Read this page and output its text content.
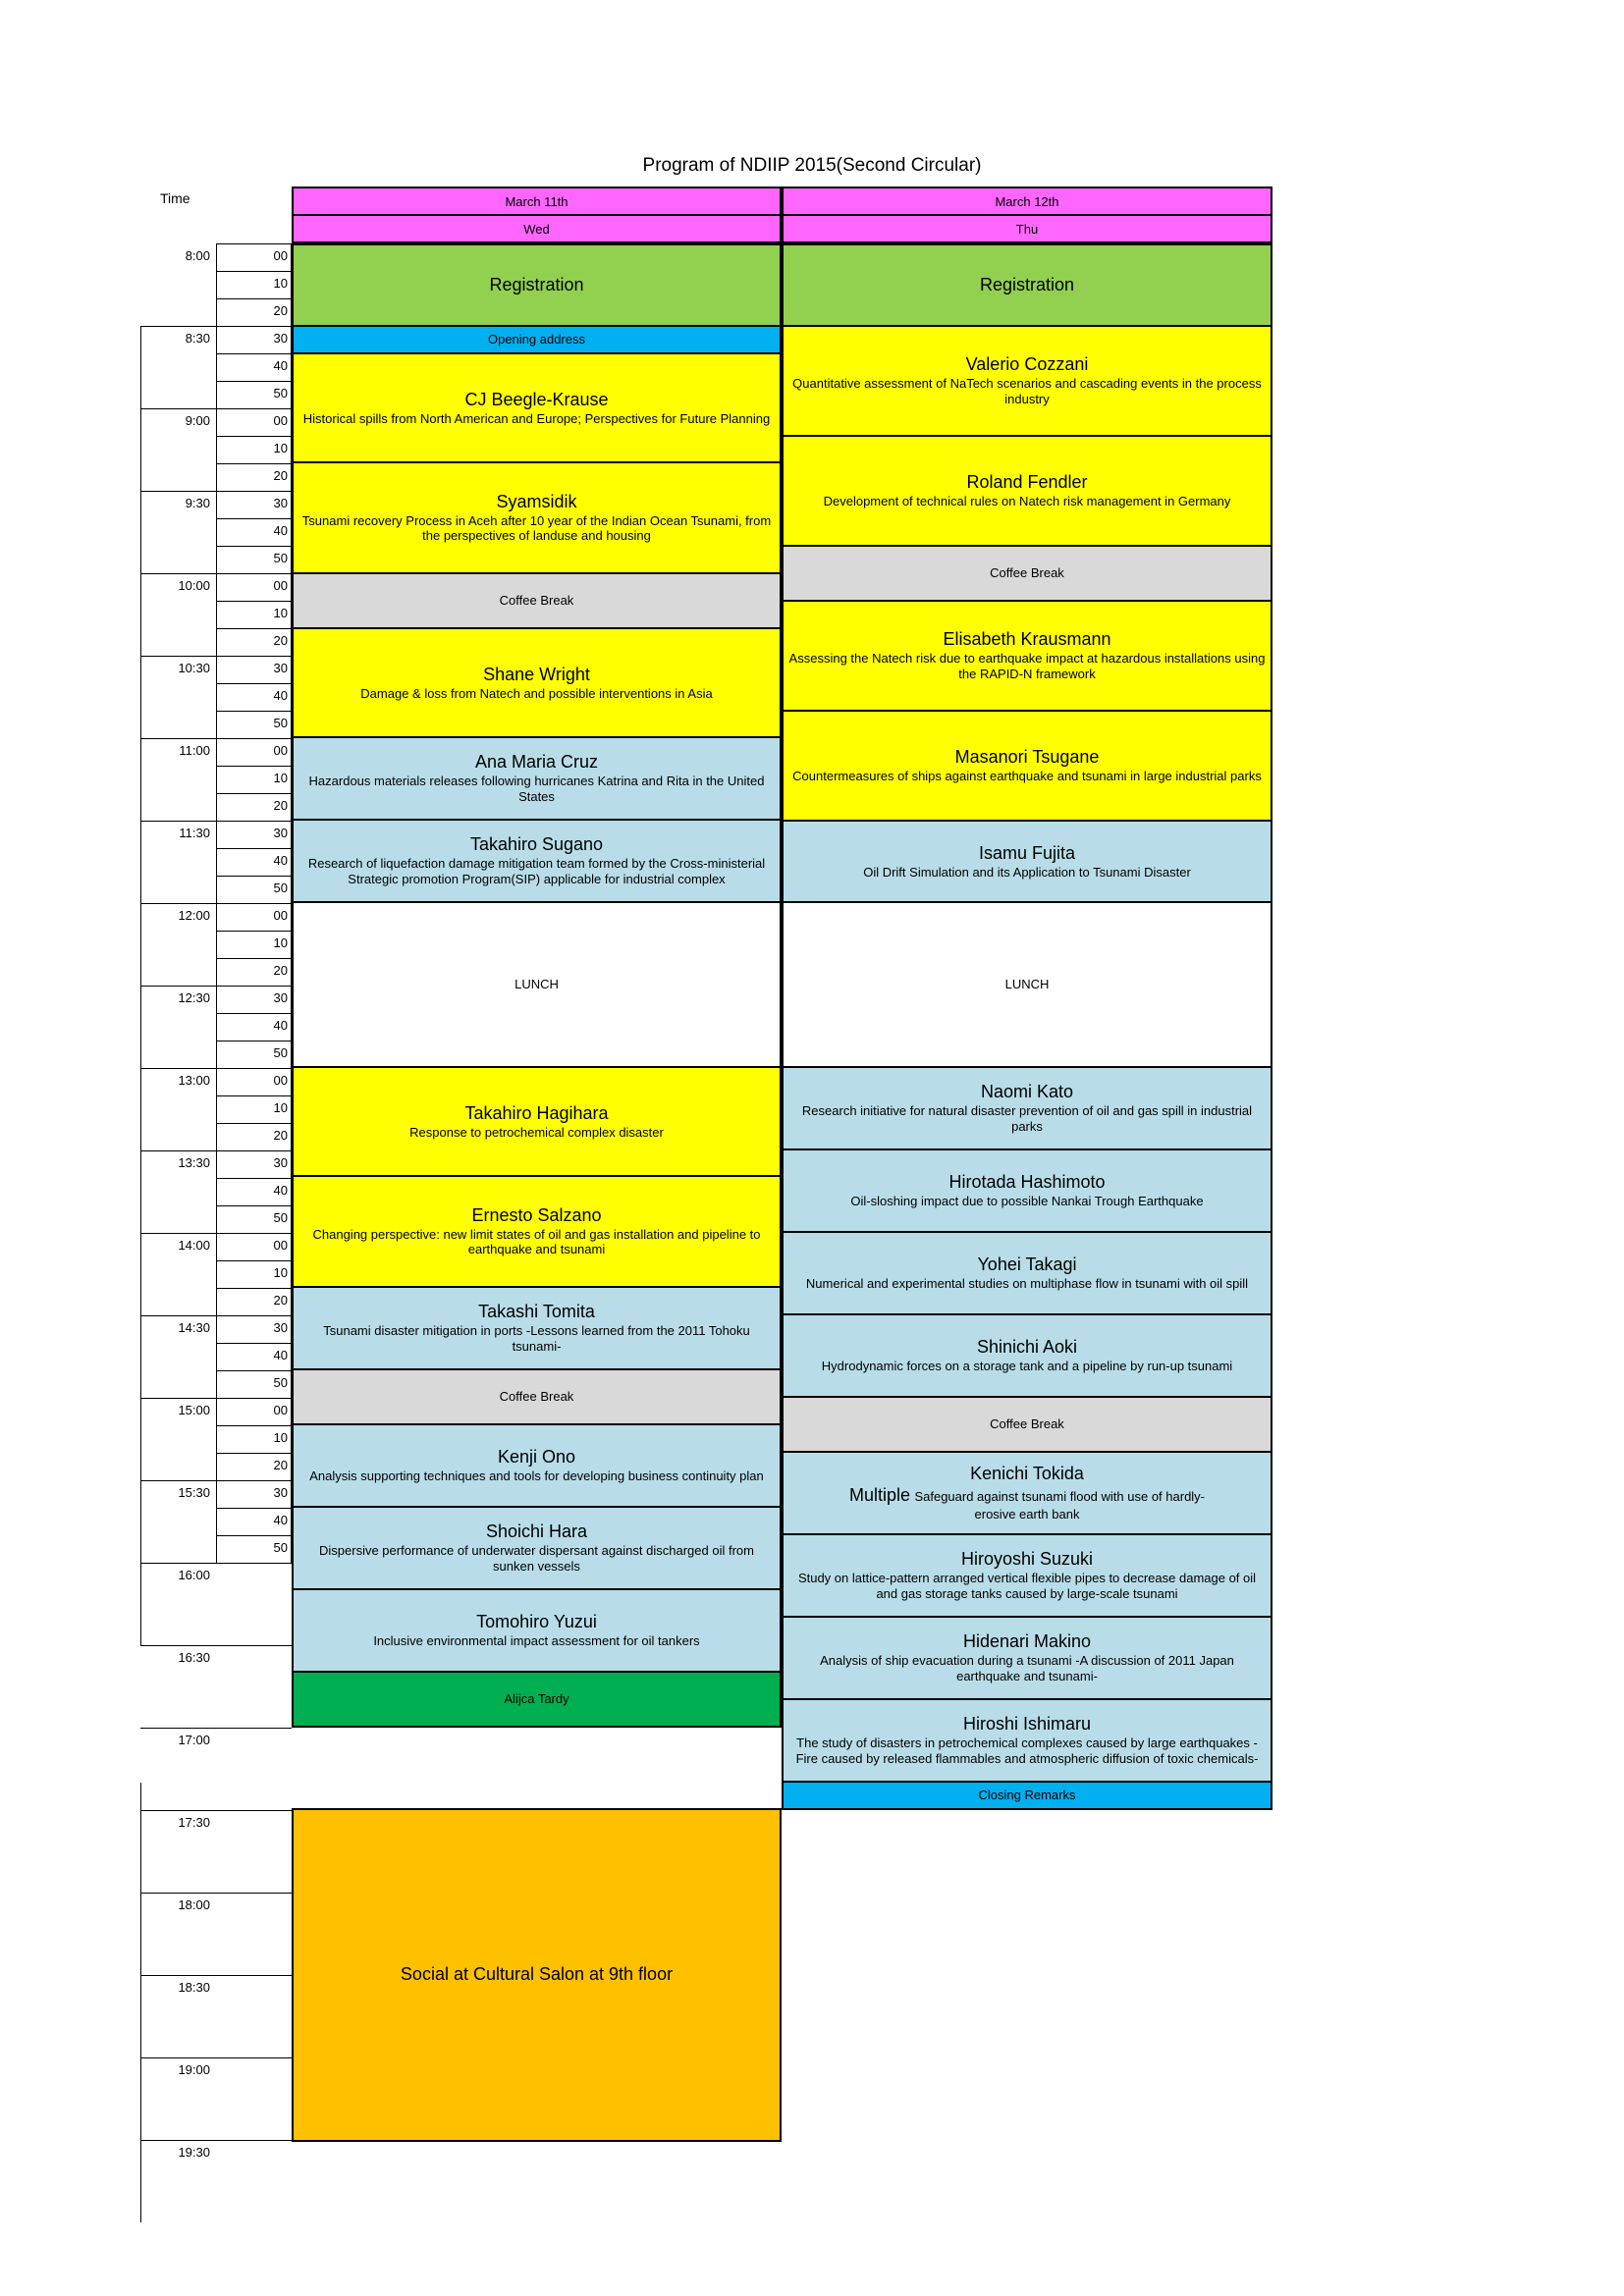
Program of NDIIP 2015(Second Circular)
Time
00
10
20
30
40
50
00
10
20
30
40
50
00
10
20
30
40
50
00
10
20
30
40
50
00
10
20
30
40
50
00
10
20
30
40
50
00
10
20
30
40
50
00
10
20
30
40
50
8:00
8:30
9:00
9:30
10:00
10:30
11:00
11:30
12:00
12:30
13:00
13:30
14:00
14:30
15:00
15:30
16:00
16:30
17:00
17:30
18:00
18:30
19:00
19:30
March 11th	March 12th
Wed	Thu
Registration
Opening address
CJ Beegle-Krause
Historical spills from North American and Europe; Perspectives for Future Planning
Syamsidik
Tsunami recovery Process in Aceh after 10 year of the Indian Ocean Tsunami, from the perspectives of landuse and housing
Coffee Break
Shane Wright
Damage & loss from Natech and possible interventions in Asia
Ana Maria Cruz
Hazardous materials releases following hurricanes Katrina and Rita in the United States
Takahiro Sugano
Research of liquefaction damage mitigation team formed by the Cross-ministerial Strategic promotion Program(SIP) applicable for industrial complex
LUNCH
Takahiro Hagihara
Response to petrochemical complex disaster
Ernesto Salzano
Changing perspective: new limit states of oil and gas installation and pipeline to earthquake and tsunami
Takashi Tomita
Tsunami disaster mitigation in ports -Lessons learned from the 2011 Tohoku tsunami-
Coffee Break
Kenji Ono
Analysis supporting techniques and tools for developing business continuity plan
Shoichi Hara
Dispersive performance of underwater dispersant against discharged oil from sunken vessels
Tomohiro Yuzui
Inclusive environmental impact assessment for oil tankers
Alijca Tardy
Social at Cultural Salon at 9th floor
Registration
Valerio Cozzani
Quantitative assessment of NaTech scenarios and cascading events in the process industry
Roland Fendler
Development of technical rules on Natech risk management in Germany
Coffee Break
Elisabeth Krausmann
Assessing the Natech risk due to earthquake impact at hazardous installations using the RAPID-N framework
Masanori Tsugane
Countermeasures of ships against earthquake and tsunami in large industrial parks
Isamu Fujita
Oil Drift Simulation and its Application to Tsunami Disaster
LUNCH
Naomi Kato
Research initiative for natural disaster prevention of oil and gas spill in industrial parks
Hirotada Hashimoto
Oil-sloshing impact due to possible Nankai Trough Earthquake
Yohei Takagi
Numerical and experimental studies on multiphase flow in tsunami with oil spill
Shinichi Aoki
Hydrodynamic forces on a storage tank and a pipeline by run-up tsunami
Coffee Break
Kenichi Tokida
Multiple Safeguard against tsunami flood with use of hardly-
erosive earth bank
Hiroyoshi Suzuki
Study on lattice-pattern arranged vertical flexible pipes to decrease damage of oil and gas storage tanks caused by large-scale tsunami
Hidenari Makino
Analysis of ship evacuation during a tsunami -A discussion of 2011 Japan earthquake and tsunami-
Hiroshi Ishimaru
The study of disasters in petrochemical complexes caused by large earthquakes -Fire caused by released flammables and atmospheric diffusion of toxic chemicals-
Closing Remarks
